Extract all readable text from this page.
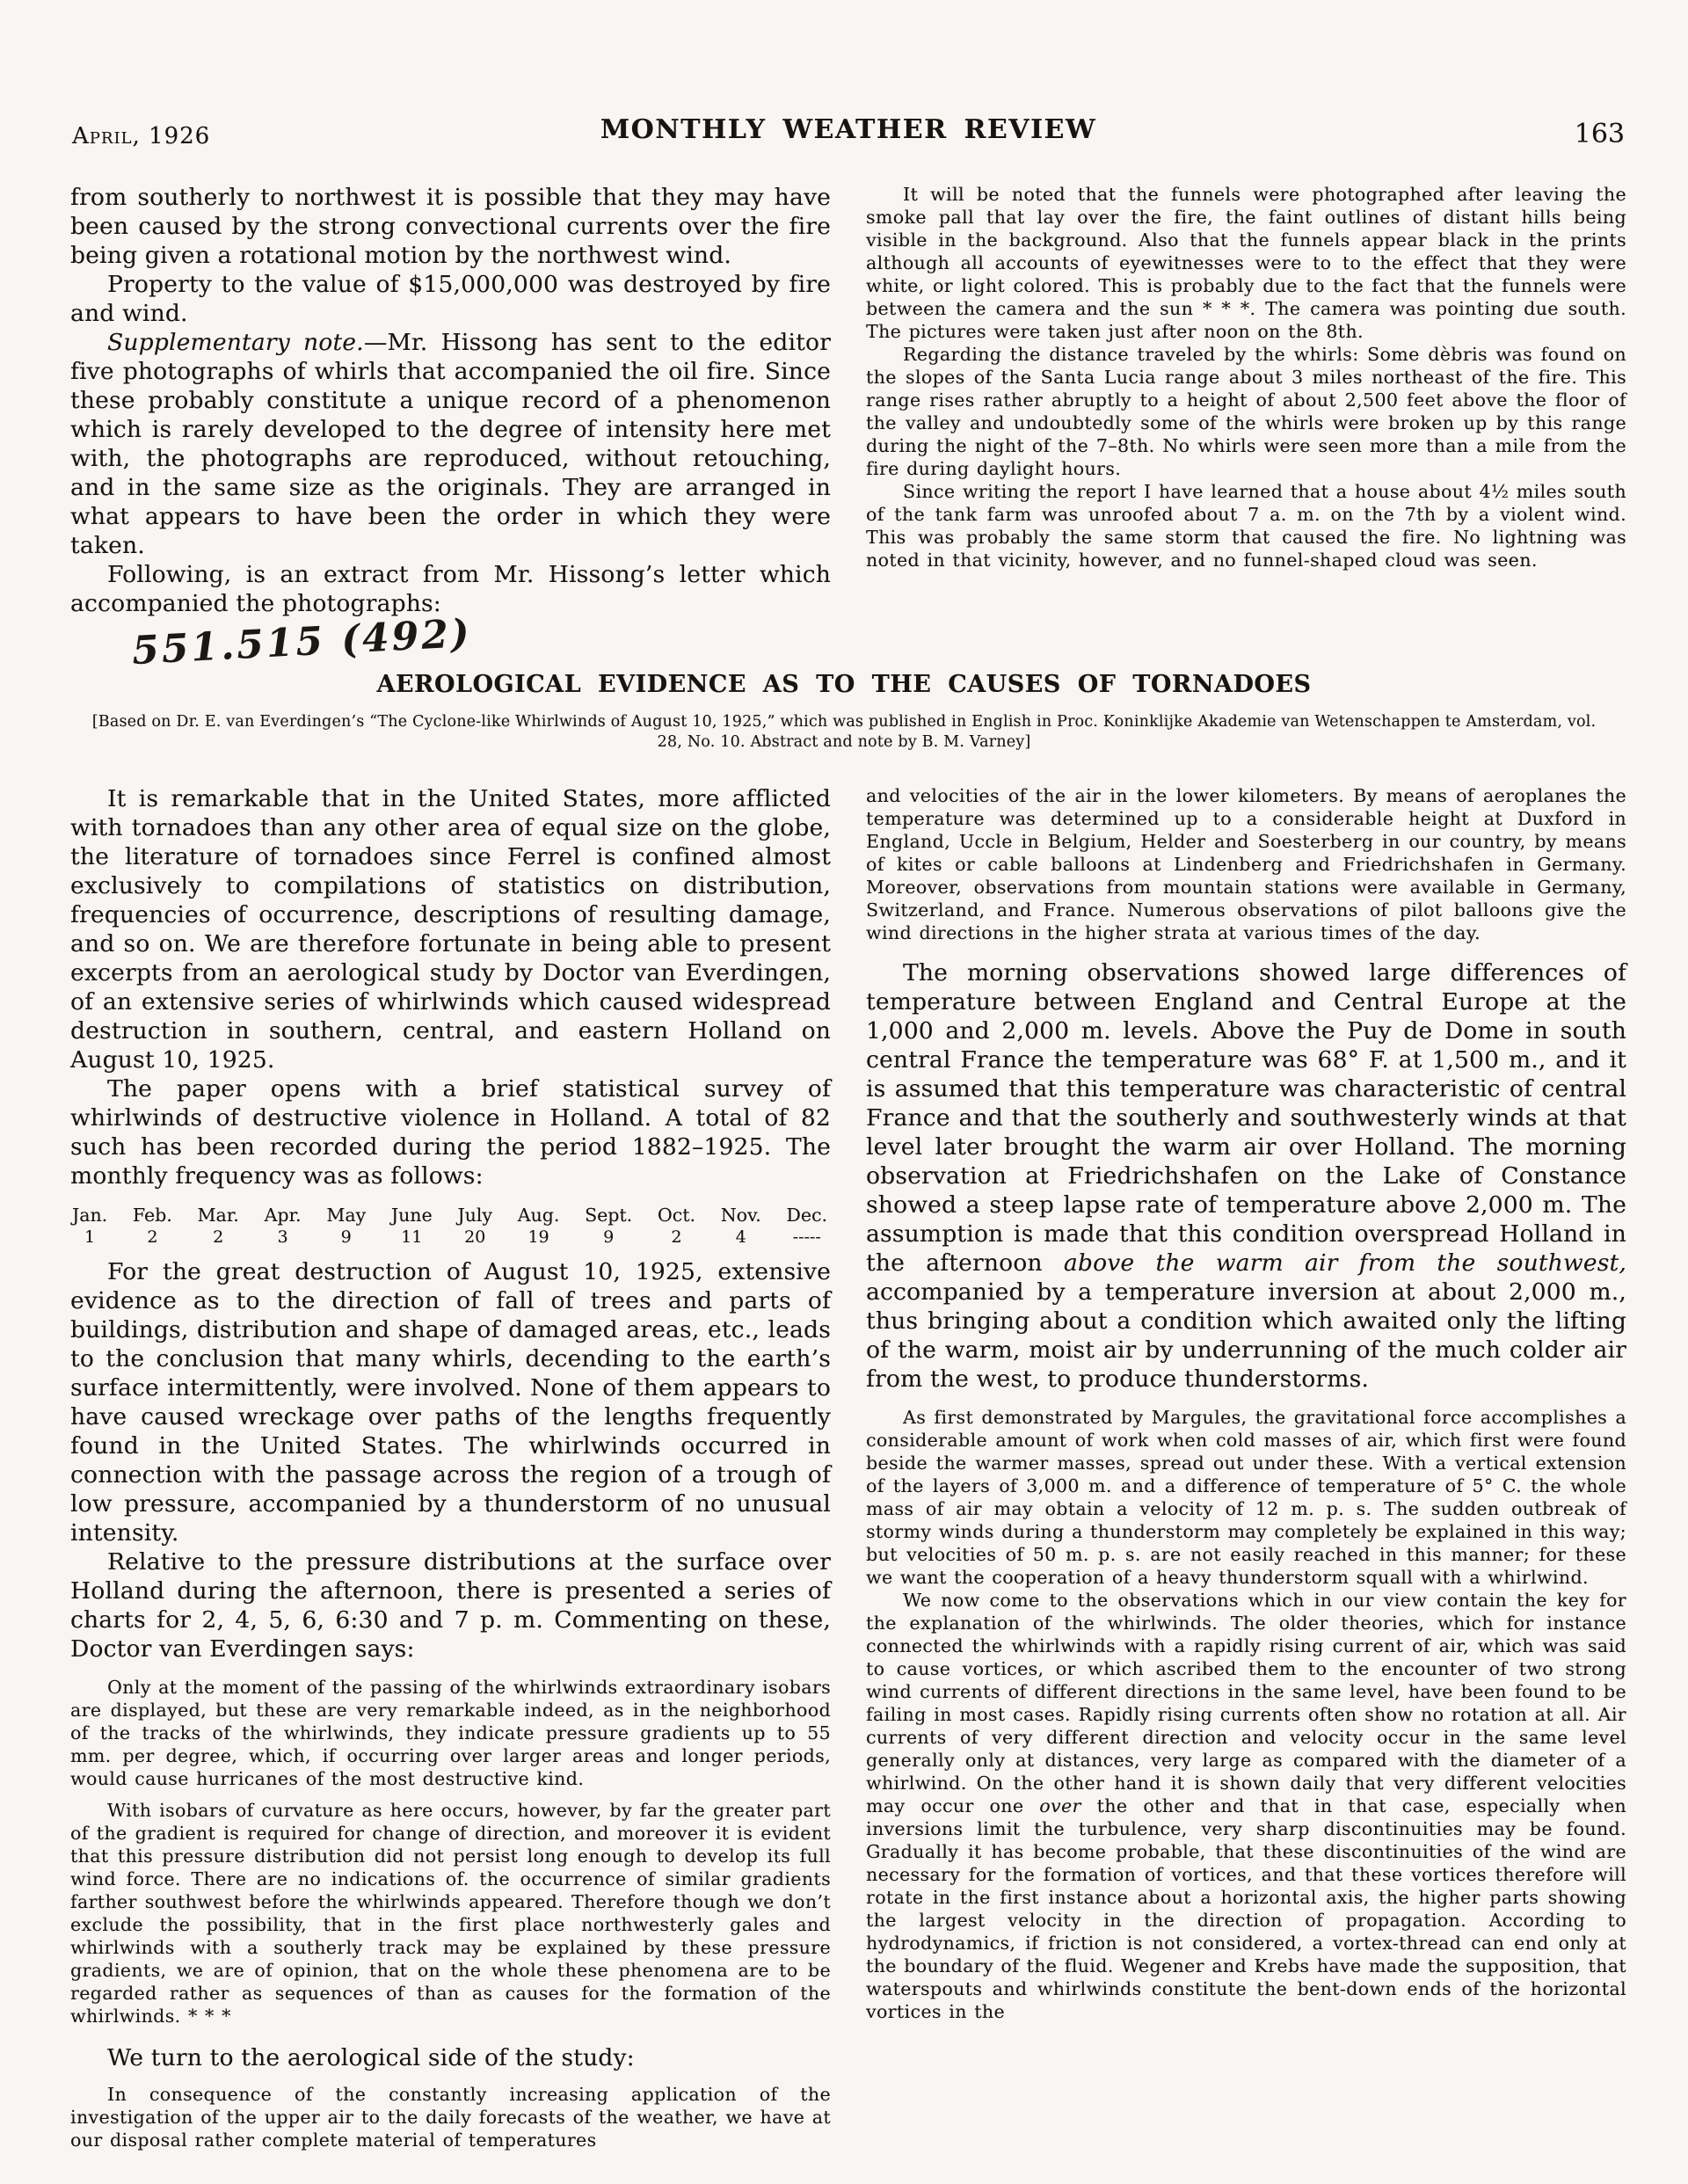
April, 1926	MONTHLY WEATHER REVIEW	163

from southerly to northwest it is possible that they may have been caused by the strong convectional currents over the fire being given a rotational motion by the northwest wind.

Property to the value of $15,000,000 was destroyed by fire and wind.

Supplementary note.—Mr. Hissong has sent to the editor five photographs of whirls that accompanied the oil fire. Since these probably constitute a unique record of a phenomenon which is rarely developed to the degree of intensity here met with, the photographs are reproduced, without retouching, and in the same size as the originals. They are arranged in what appears to have been the order in which they were taken.

Following, is an extract from Mr. Hissong’s letter which accompanied the photographs:

It will be noted that the funnels were photographed after leaving the smoke pall that lay over the fire, the faint outlines of distant hills being visible in the background. Also that the funnels appear black in the prints although all accounts of eyewitnesses were to to the effect that they were white, or light colored. This is probably due to the fact that the funnels were between the camera and the sun * * *. The camera was pointing due south. The pictures were taken just after noon on the 8th.

Regarding the distance traveled by the whirls: Some dèbris was found on the slopes of the Santa Lucia range about 3 miles northeast of the fire. This range rises rather abruptly to a height of about 2,500 feet above the floor of the valley and undoubtedly some of the whirls were broken up by this range during the night of the 7–8th. No whirls were seen more than a mile from the fire during daylight hours.

Since writing the report I have learned that a house about 4½ miles south of the tank farm was unroofed about 7 a. m. on the 7th by a violent wind. This was probably the same storm that caused the fire. No lightning was noted in that vicinity, however, and no funnel-shaped cloud was seen.

551.515 (492)
AEROLOGICAL EVIDENCE AS TO THE CAUSES OF TORNADOES
[Based on Dr. E. van Everdingen’s “The Cyclone-like Whirlwinds of August 10, 1925,” which was published in English in Proc. Koninklijke Akademie van Wetenschappen te Amsterdam, vol. 28, No. 10. Abstract and note by B. M. Varney]

It is remarkable that in the United States, more afflicted with tornadoes than any other area of equal size on the globe, the literature of tornadoes since Ferrel is confined almost exclusively to compilations of statistics on distribution, frequencies of occurrence, descriptions of resulting damage, and so on. We are therefore fortunate in being able to present excerpts from an aerological study by Doctor van Everdingen, of an extensive series of whirlwinds which caused widespread destruction in southern, central, and eastern Holland on August 10, 1925.

The paper opens with a brief statistical survey of whirlwinds of destructive violence in Holland. A total of 82 such has been recorded during the period 1882–1925. The monthly frequency was as follows:

Jan.
1
Feb.
2
Mar.
2
Apr.
3
May
9
June
11
July
20
Aug.
19
Sept.
9
Oct.
2
Nov.
4
Dec.
-----

For the great destruction of August 10, 1925, extensive evidence as to the direction of fall of trees and parts of buildings, distribution and shape of damaged areas, etc., leads to the conclusion that many whirls, decending to the earth’s surface intermittently, were involved. None of them appears to have caused wreckage over paths of the lengths frequently found in the United States. The whirlwinds occurred in connection with the passage across the region of a trough of low pressure, accompanied by a thunderstorm of no unusual intensity.

Relative to the pressure distributions at the surface over Holland during the afternoon, there is presented a series of charts for 2, 4, 5, 6, 6:30 and 7 p. m. Commenting on these, Doctor van Everdingen says:

Only at the moment of the passing of the whirlwinds extraordinary isobars are displayed, but these are very remarkable indeed, as in the neighborhood of the tracks of the whirlwinds, they indicate pressure gradients up to 55 mm. per degree, which, if occurring over larger areas and longer periods, would cause hurricanes of the most destructive kind.

With isobars of curvature as here occurs, however, by far the greater part of the gradient is required for change of direction, and moreover it is evident that this pressure distribution did not persist long enough to develop its full wind force. There are no indications of. the occurrence of similar gradients farther southwest before the whirlwinds appeared. Therefore though we don’t exclude the possibility, that in the first place northwesterly gales and whirlwinds with a southerly track may be explained by these pressure gradients, we are of opinion, that on the whole these phenomena are to be regarded rather as sequences of than as causes for the formation of the whirlwinds. * * *

We turn to the aerological side of the study:

In consequence of the constantly increasing application of the investigation of the upper air to the daily forecasts of the weather, we have at our disposal rather complete material of temperatures

and velocities of the air in the lower kilometers. By means of aeroplanes the temperature was determined up to a considerable height at Duxford in England, Uccle in Belgium, Helder and Soesterberg in our country, by means of kites or cable balloons at Lindenberg and Friedrichshafen in Germany. Moreover, observations from mountain stations were available in Germany, Switzerland, and France. Numerous observations of pilot balloons give the wind directions in the higher strata at various times of the day.

The morning observations showed large differences of temperature between England and Central Europe at the 1,000 and 2,000 m. levels. Above the Puy de Dome in south central France the temperature was 68° F. at 1,500 m., and it is assumed that this temperature was characteristic of central France and that the southerly and southwesterly winds at that level later brought the warm air over Holland. The morning observation at Friedrichshafen on the Lake of Constance showed a steep lapse rate of temperature above 2,000 m. The assumption is made that this condition overspread Holland in the afternoon above the warm air from the southwest, accompanied by a temperature inversion at about 2,000 m., thus bringing about a condition which awaited only the lifting of the warm, moist air by underrunning of the much colder air from the west, to produce thunderstorms.

As first demonstrated by Margules, the gravitational force accomplishes a considerable amount of work when cold masses of air, which first were found beside the warmer masses, spread out under these. With a vertical extension of the layers of 3,000 m. and a difference of temperature of 5° C. the whole mass of air may obtain a velocity of 12 m. p. s. The sudden outbreak of stormy winds during a thunderstorm may completely be explained in this way; but velocities of 50 m. p. s. are not easily reached in this manner; for these we want the cooperation of a heavy thunderstorm squall with a whirlwind.

We now come to the observations which in our view contain the key for the explanation of the whirlwinds. The older theories, which for instance connected the whirlwinds with a rapidly rising current of air, which was said to cause vortices, or which ascribed them to the encounter of two strong wind currents of different directions in the same level, have been found to be failing in most cases. Rapidly rising currents often show no rotation at all. Air currents of very different direction and velocity occur in the same level generally only at distances, very large as compared with the diameter of a whirlwind. On the other hand it is shown daily that very different velocities may occur one over the other and that in that case, especially when inversions limit the turbulence, very sharp discontinuities may be found. Gradually it has become probable, that these discontinuities of the wind are necessary for the formation of vortices, and that these vortices therefore will rotate in the first instance about a horizontal axis, the higher parts showing the largest velocity in the direction of propagation. According to hydrodynamics, if friction is not considered, a vortex-thread can end only at the boundary of the fluid. Wegener and Krebs have made the supposition, that waterspouts and whirlwinds constitute the bent-down ends of the horizontal vortices in the
